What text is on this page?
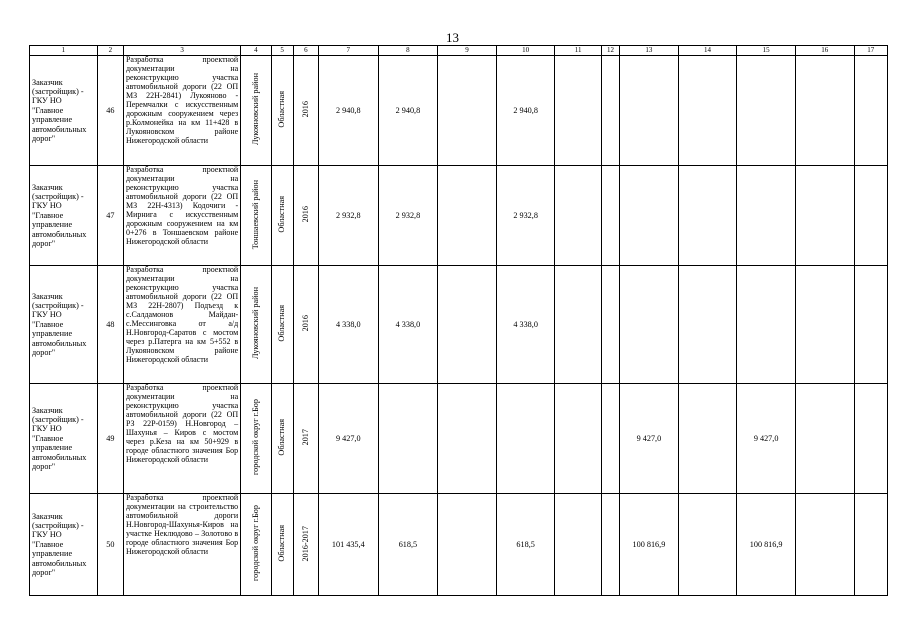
13
1	2	3	4	5	6	7	8	9	10	11	12	13	14	15	16	17
Заказчик (застройщик) - ГКУ НО "Главное управление автомобильных дорог"	46	Разработка проектной документации на реконструкцию участка автомобильной дороги (22 ОП МЗ 22Н-2841) Лукояново - Перемчалки с искусственным дорожным сооружением через р.Колмонейка на км 11+428 в Лукояновском районе Нижегородской области	Лукояновский район	Областная	2016	2 940,8	2 940,8		2 940,8							
Заказчик (застройщик) - ГКУ НО "Главное управление автомобильных дорог"	47	Разработка проектной документации на реконструкцию участка автомобильной дороги (22 ОП МЗ 22Н-4313) Кодочиги - Мирнига с искусственным дорожным сооружением на км 0+276 в Тоншаевском районе Нижегородской области	Тоншаевский район	Областная	2016	2 932,8	2 932,8		2 932,8							
Заказчик (застройщик) - ГКУ НО "Главное управление автомобильных дорог"	48	Разработка проектной документации на реконструкцию участка автомобильной дороги (22 ОП МЗ 22Н-2807) Подъезд к с.Салдамонов Майдан-с.Мессинговка от а/д Н.Новгород-Саратов с мостом через р.Патерга на км 5+552 в Лукояновском районе Нижегородской области	Лукояновский район	Областная	2016	4 338,0	4 338,0		4 338,0							
Заказчик (застройщик) - ГКУ НО "Главное управление автомобильных дорог"	49	Разработка проектной документации на реконструкцию участка автомобильной дороги (22 ОП РЗ 22Р-0159) Н.Новгород – Шахунья – Киров с мостом через р.Кеза на км 50+929 в городе областного значения Бор Нижегородской области	городской округ г.Бор	Областная	2017	9 427,0						9 427,0		9 427,0		
Заказчик (застройщик) - ГКУ НО "Главное управление автомобильных дорог"	50	Разработка проектной документации на строительство автомобильной дороги Н.Новгород-Шахунья-Киров на участке Неклюдово – Золотово в городе областного значения Бор Нижегородской области	городской округ г.Бор	Областная	2016-2017	101 435,4	618,5		618,5			100 816,9		100 816,9		
